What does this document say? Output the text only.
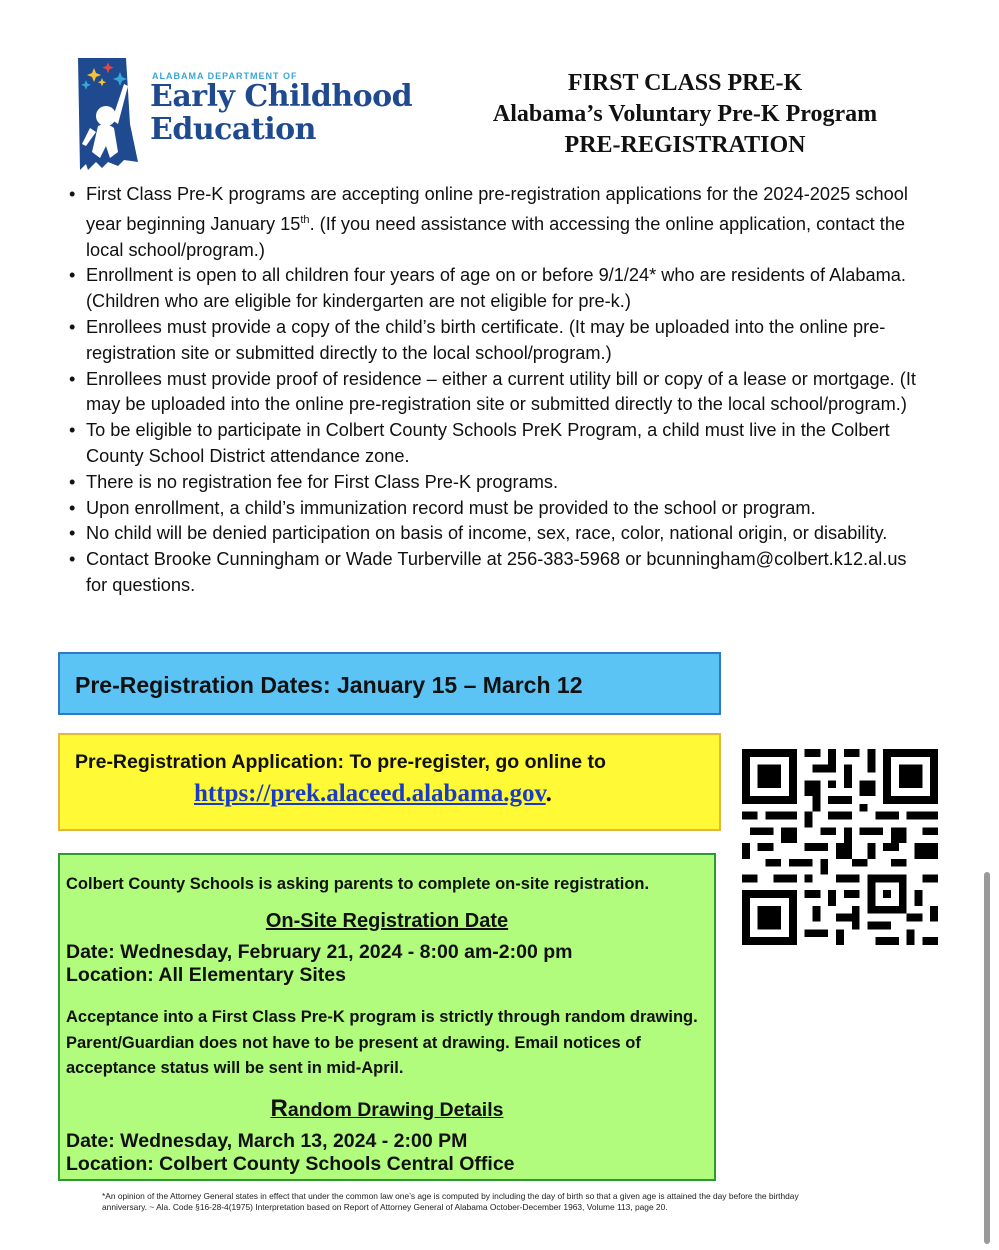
ALABAMA DEPARTMENT OF
Early Childhood
Education
FIRST CLASS PRE-K
Alabama’s Voluntary Pre-K Program
PRE-REGISTRATION
• First Class Pre-K programs are accepting online pre-registration applications for the 2024-2025 school year beginning January 15th. (If you need assistance with accessing the online application, contact the local school/program.)
• Enrollment is open to all children four years of age on or before 9/1/24* who are residents of Alabama. (Children who are eligible for kindergarten are not eligible for pre-k.)
• Enrollees must provide a copy of the child’s birth certificate. (It may be uploaded into the online pre-registration site or submitted directly to the local school/program.)
• Enrollees must provide proof of residence – either a current utility bill or copy of a lease or mortgage. (It may be uploaded into the online pre-registration site or submitted directly to the local school/program.)
• To be eligible to participate in Colbert County Schools PreK Program, a child must live in the Colbert County School District attendance zone.
• There is no registration fee for First Class Pre-K programs.
• Upon enrollment, a child’s immunization record must be provided to the school or program.
• No child will be denied participation on basis of income, sex, race, color, national origin, or disability.
• Contact Brooke Cunningham or Wade Turberville at 256-383-5968 or bcunningham@colbert.k12.al.us for questions.
Pre-Registration Dates: January 15 – March 12
Pre-Registration Application: To pre-register, go online to
https://prek.alaceed.alabama.gov.
Colbert County Schools is asking parents to complete on-site registration.
On-Site Registration Date
Date: Wednesday, February 21, 2024 - 8:00 am-2:00 pm
Location: All Elementary Sites
Acceptance into a First Class Pre-K program is strictly through random drawing.
Parent/Guardian does not have to be present at drawing. Email notices of
acceptance status will be sent in mid-April.
Random Drawing Details
Date: Wednesday, March 13, 2024 - 2:00 PM
Location: Colbert County Schools Central Office
*An opinion of the Attorney General states in effect that under the common law one’s age is computed by including the day of birth so that a given age is attained the day before the birthday
anniversary. ~ Ala. Code §16-28-4(1975) Interpretation based on Report of Attorney General of Alabama October-December 1963, Volume 113, page 20.
